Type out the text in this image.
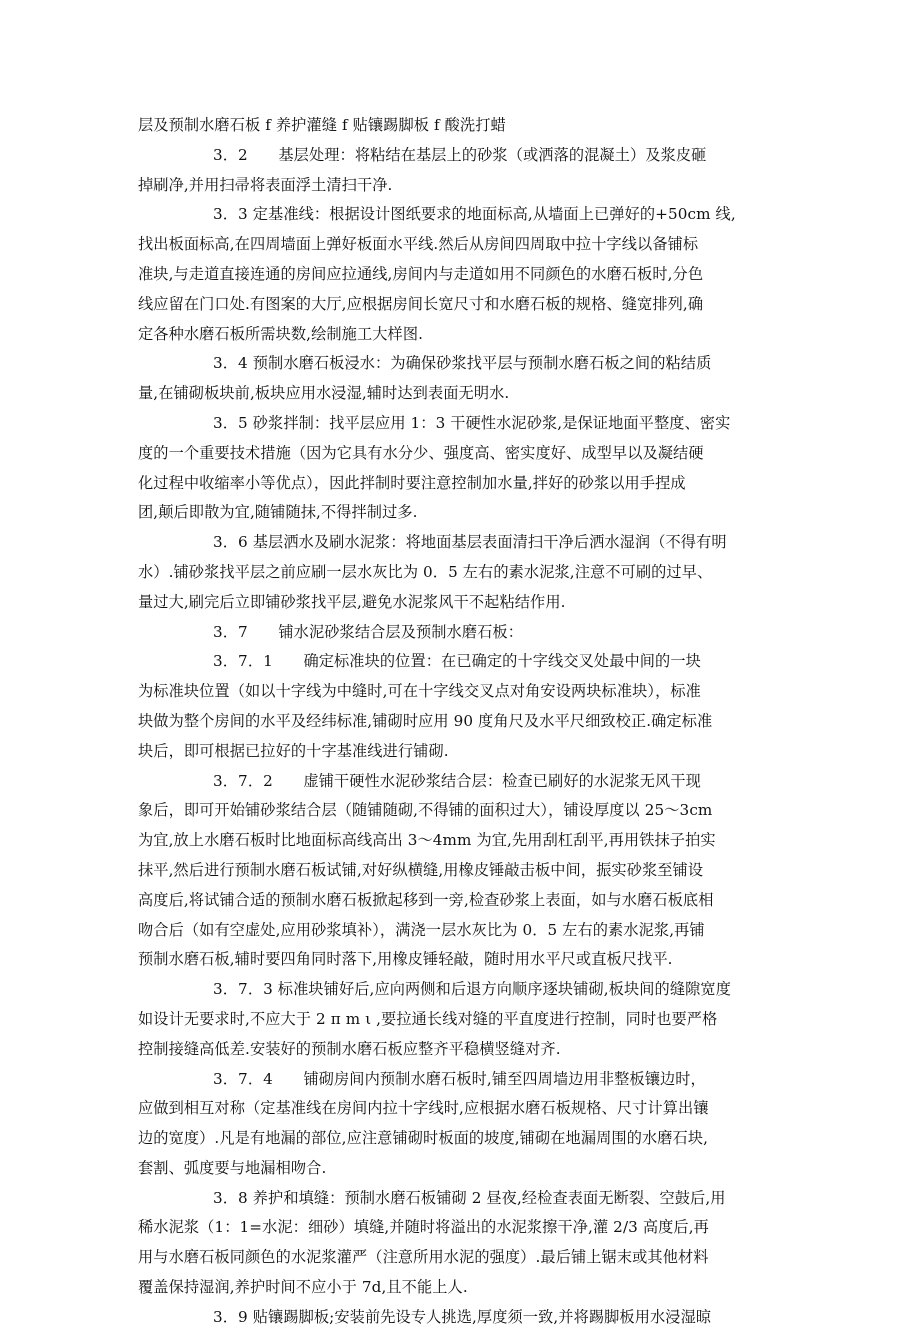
层及预制水磨石板 f 养护灌缝 f 贴镶踢脚板 f 酸洗打蜡
3．2　　基层处理：将粘结在基层上的砂浆（或洒落的混凝土）及浆皮砸
掉刷净,并用扫帚将表面浮土清扫干净.
3．3 定基准线：根据设计图纸要求的地面标高,从墙面上已弹好的+50cm 线,
找出板面标高,在四周墙面上弹好板面水平线.然后从房间四周取中拉十字线以备铺标
准块,与走道直接连通的房间应拉通线,房间内与走道如用不同颜色的水磨石板时,分色
线应留在门口处.有图案的大厅,应根据房间长宽尺寸和水磨石板的规格、缝宽排列,确
定各种水磨石板所需块数,绘制施工大样图.
3．4 预制水磨石板浸水：为确保砂浆找平层与预制水磨石板之间的粘结质
量,在铺砌板块前,板块应用水浸湿,辅时达到表面无明水.
3．5 砂浆拌制：找平层应用 1：3 干硬性水泥砂浆,是保证地面平整度、密实
度的一个重要技术措施（因为它具有水分少、强度高、密实度好、成型早以及凝结硬
化过程中收缩率小等优点），因此拌制时要注意控制加水量,拌好的砂浆以用手捏成
团,颠后即散为宜,随铺随抹,不得拌制过多.
3．6 基层洒水及刷水泥浆：将地面基层表面清扫干净后洒水湿润（不得有明
水）.铺砂浆找平层之前应刷一层水灰比为 0．5 左右的素水泥浆,注意不可刷的过早、
量过大,刷完后立即铺砂浆找平层,避免水泥浆风干不起粘结作用.
3．7　　铺水泥砂浆结合层及预制水磨石板：
3．7．1　　确定标准块的位置：在已确定的十字线交叉处最中间的一块
为标准块位置（如以十字线为中缝时,可在十字线交叉点对角安设两块标准块），标准
块做为整个房间的水平及经纬标准,铺砌时应用 90 度角尺及水平尺细致校正.确定标准
块后，即可根据已拉好的十字基准线进行铺砌.
3．7．2　　虚铺干硬性水泥砂浆结合层：检查已刷好的水泥浆无风干现
象后，即可开始铺砂浆结合层（随铺随砌,不得铺的面积过大），铺设厚度以 25～3cm
为宜,放上水磨石板时比地面标高线高出 3～4mm 为宜,先用刮杠刮平,再用铁抹子拍实
抹平,然后进行预制水磨石板试铺,对好纵横缝,用橡皮锤敲击板中间，振实砂浆至铺设
高度后,将试铺合适的预制水磨石板掀起移到一旁,检查砂浆上表面，如与水磨石板底相
吻合后（如有空虚处,应用砂浆填补），满浇一层水灰比为 0．5 左右的素水泥浆,再铺
预制水磨石板,辅时要四角同时落下,用橡皮锤轻敲，随时用水平尺或直板尺找平.
3．7．3 标准块铺好后,应向两侧和后退方向顺序逐块铺砌,板块间的缝隙宽度
如设计无要求时,不应大于 2 π m ι ,要拉通长线对缝的平直度进行控制，同时也要严格
控制接缝高低差.安装好的预制水磨石板应整齐平稳横竖缝对齐.
3．7．4　　铺砌房间内预制水磨石板时,铺至四周墙边用非整板镶边时，
应做到相互对称（定基准线在房间内拉十字线时,应根据水磨石板规格、尺寸计算出镶
边的宽度）.凡是有地漏的部位,应注意铺砌时板面的坡度,铺砌在地漏周围的水磨石块,
套割、弧度要与地漏相吻合.
3．8 养护和填缝：预制水磨石板铺砌 2 昼夜,经检查表面无断裂、空鼓后,用
稀水泥浆（1：1=水泥：细砂）填缝,并随时将溢出的水泥浆擦干净,灌 2/3 高度后,再
用与水磨石板同颜色的水泥浆灌严（注意所用水泥的强度）.最后铺上锯末或其他材料
覆盖保持湿润,养护时间不应小于 7d,且不能上人.
3．9 贴镶踢脚板;安装前先设专人挑选,厚度须一致,并将踢脚板用水浸湿晾
